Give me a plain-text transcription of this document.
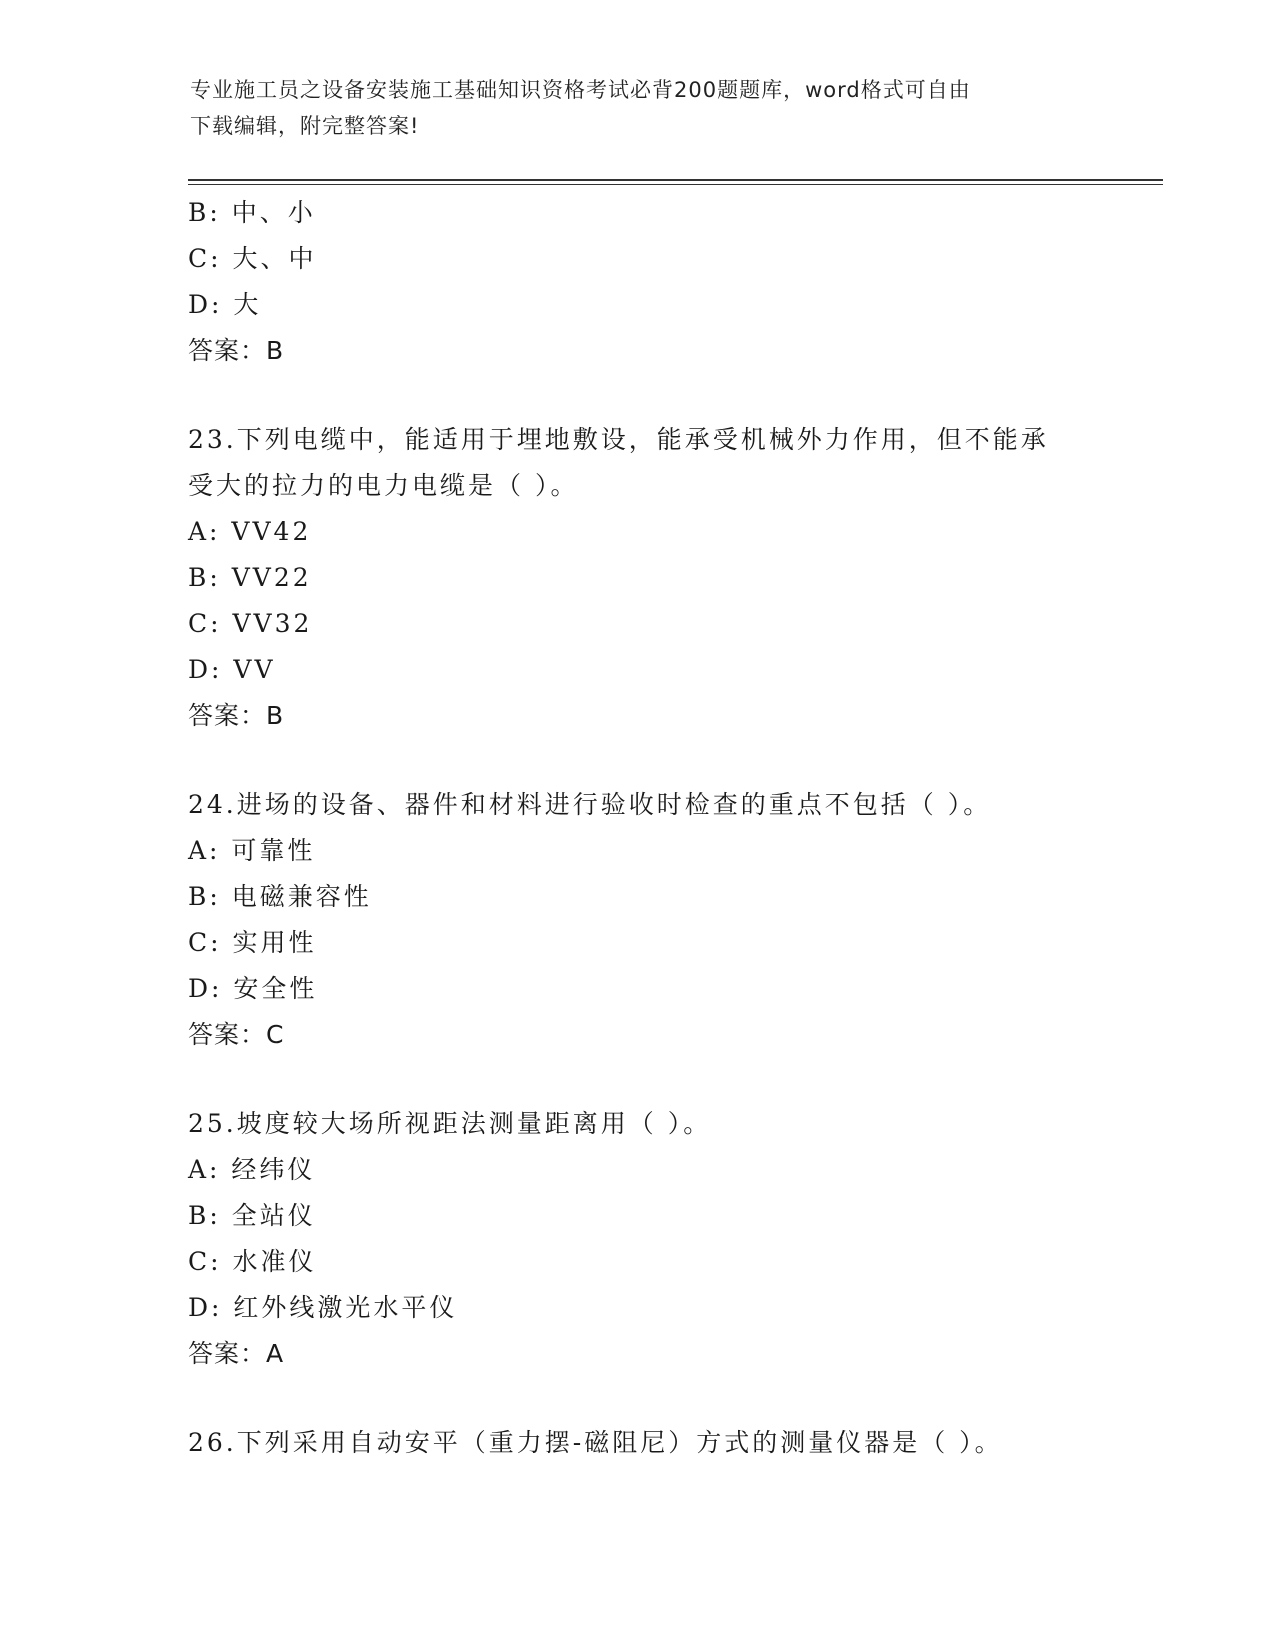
专业施工员之设备安装施工基础知识资格考试必背200题题库，word格式可自由
下载编辑，附完整答案!
B: 中、小
C: 大、中
D: 大
答案：B
23.下列电缆中，能适用于埋地敷设，能承受机械外力作用，但不能承
受大的拉力的电力电缆是（ ）。
A: VV42
B: VV22
C: VV32
D: VV
答案：B
24.进场的设备、器件和材料进行验收时检查的重点不包括（ ）。
A: 可靠性
B: 电磁兼容性
C: 实用性
D: 安全性
答案：C
25.坡度较大场所视距法测量距离用（ ）。
A: 经纬仪
B: 全站仪
C: 水准仪
D: 红外线激光水平仪
答案：A
26.下列采用自动安平（重力摆-磁阻尼）方式的测量仪器是（ ）。
